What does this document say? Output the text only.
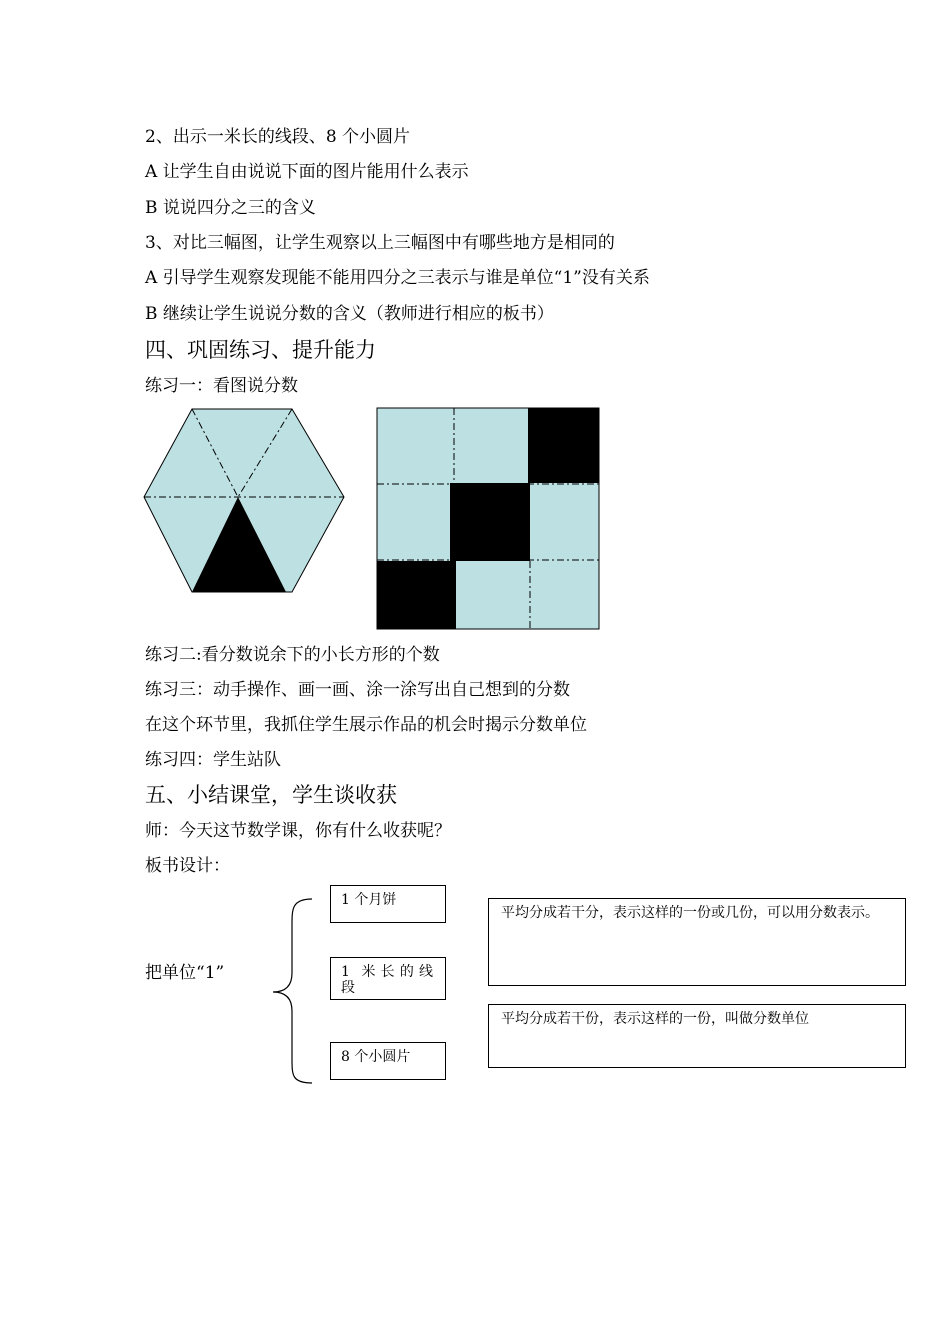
2、出示一米长的线段、8 个小圆片
A 让学生自由说说下面的图片能用什么表示
B 说说四分之三的含义
3、对比三幅图，让学生观察以上三幅图中有哪些地方是相同的
A 引导学生观察发现能不能用四分之三表示与谁是单位“1”没有关系
B 继续让学生说说分数的含义（教师进行相应的板书）
四、巩固练习、提升能力
练习一：看图说分数
练习二:看分数说余下的小长方形的个数
练习三：动手操作、画一画、涂一涂写出自己想到的分数
在这个环节里，我抓住学生展示作品的机会时揭示分数单位
练习四：学生站队
五、小结课堂，学生谈收获
师：今天这节数学课，你有什么收获呢？
板书设计：
把单位“1”
1 个月饼
1 米长的线段
8 个小圆片
平均分成若干分，表示这样的一份或几份，可以用分数表示。
平均分成若干份，表示这样的一份，叫做分数单位
